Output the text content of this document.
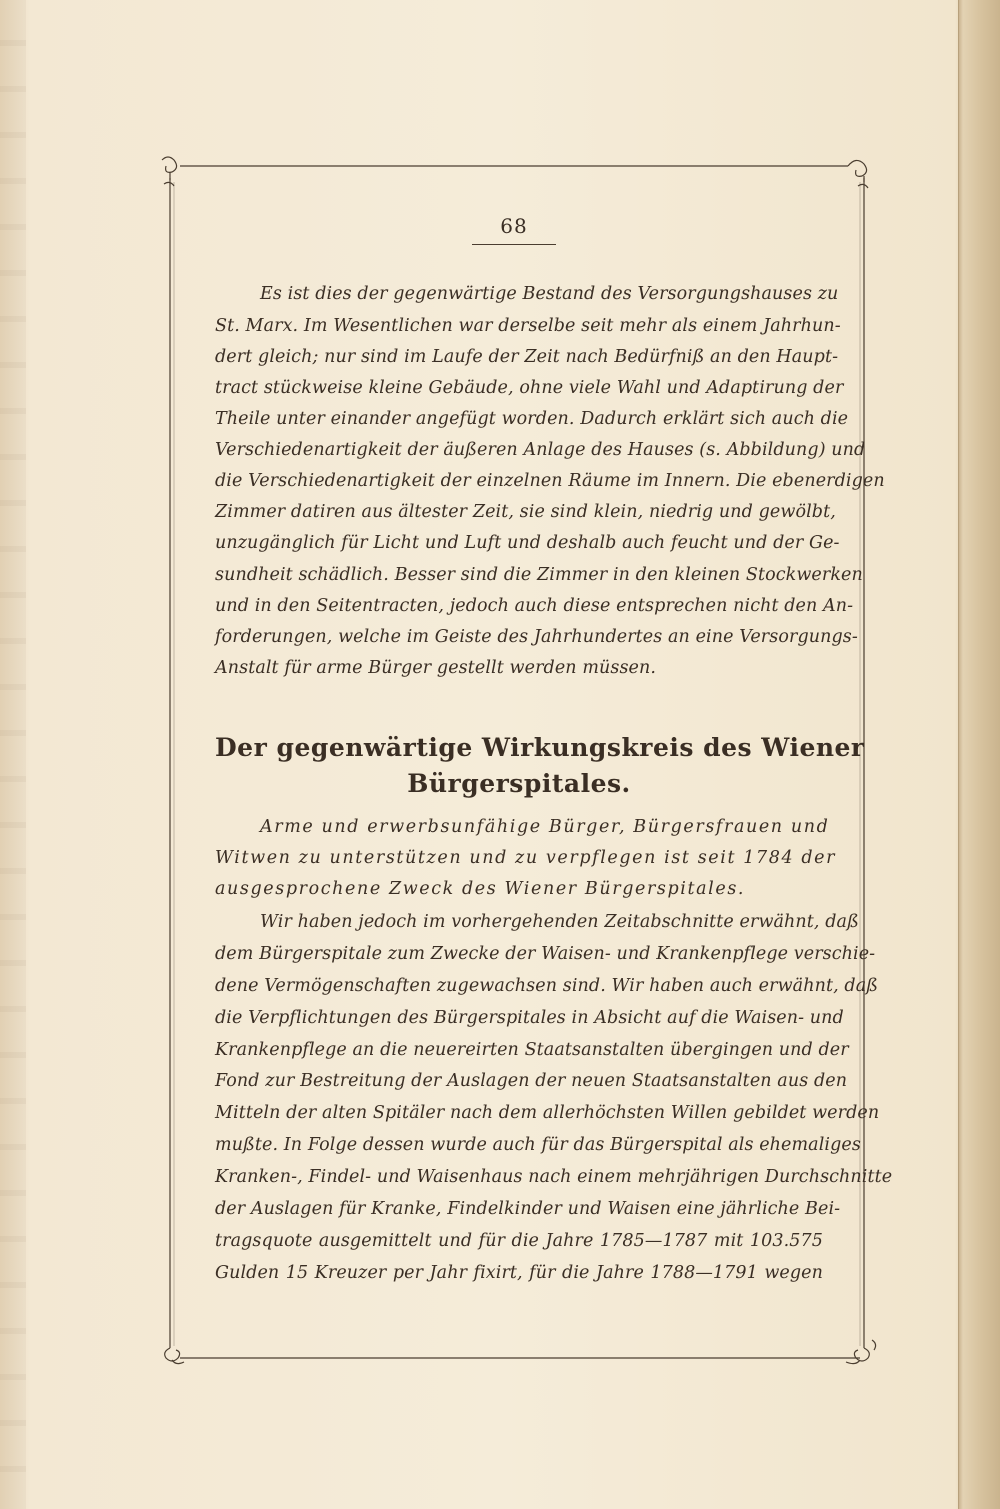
68
Es ist dies der gegenwärtige Bestand des Versorgungshauses zu
St. Marx. Im Wesentlichen war derselbe seit mehr als einem Jahrhun-
dert gleich; nur sind im Laufe der Zeit nach Bedürfniß an den Haupt-
tract stückweise kleine Gebäude, ohne viele Wahl und Adaptirung der
Theile unter einander angefügt worden. Dadurch erklärt sich auch die
Verschiedenartigkeit der äußeren Anlage des Hauses (s. Abbildung) und
die Verschiedenartigkeit der einzelnen Räume im Innern. Die ebenerdigen
Zimmer datiren aus ältester Zeit, sie sind klein, niedrig und gewölbt,
unzugänglich für Licht und Luft und deshalb auch feucht und der Ge-
sundheit schädlich. Besser sind die Zimmer in den kleinen Stockwerken
und in den Seitentracten, jedoch auch diese entsprechen nicht den An-
forderungen, welche im Geiste des Jahrhundertes an eine Versorgungs-
Anstalt für arme Bürger gestellt werden müssen.
Der gegenwärtige Wirkungskreis des Wiener
Bürgerspitales.
Arme und erwerbsunfähige Bürger, Bürgersfrauen und
Witwen zu unterstützen und zu verpflegen ist seit 1784 der
ausgesprochene Zweck des Wiener Bürgerspitales.
Wir haben jedoch im vorhergehenden Zeitabschnitte erwähnt, daß
dem Bürgerspitale zum Zwecke der Waisen- und Krankenpflege verschie-
dene Vermögenschaften zugewachsen sind. Wir haben auch erwähnt, daß
die Verpflichtungen des Bürgerspitales in Absicht auf die Waisen- und
Krankenpflege an die neuereirten Staatsanstalten übergingen und der
Fond zur Bestreitung der Auslagen der neuen Staatsanstalten aus den
Mitteln der alten Spitäler nach dem allerhöchsten Willen gebildet werden
mußte. In Folge dessen wurde auch für das Bürgerspital als ehemaliges
Kranken-, Findel- und Waisenhaus nach einem mehrjährigen Durchschnitte
der Auslagen für Kranke, Findelkinder und Waisen eine jährliche Bei-
tragsquote ausgemittelt und für die Jahre 1785—1787 mit 103.575
Gulden 15 Kreuzer per Jahr fixirt, für die Jahre 1788—1791 wegen
